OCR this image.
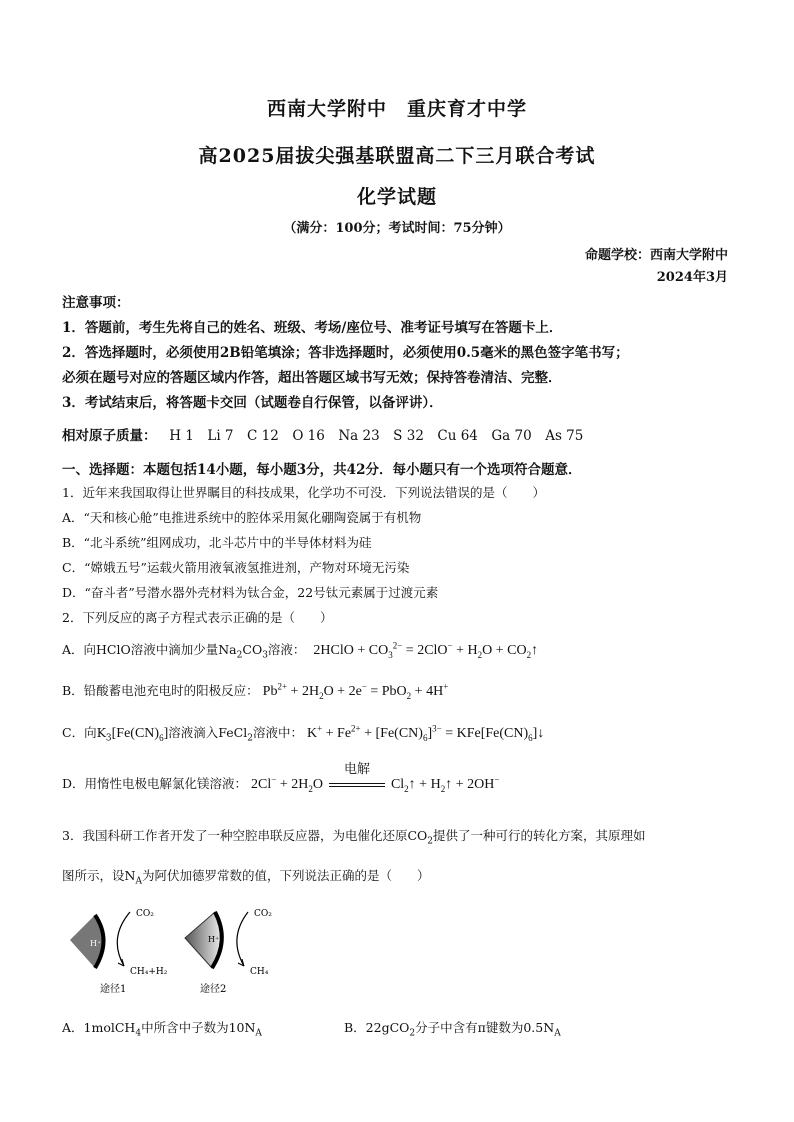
西南大学附中　重庆育才中学
高2025届拔尖强基联盟高二下三月联合考试
化学试题
（满分：100分；考试时间：75分钟）
命题学校：西南大学附中
2024年3月
注意事项：
1．答题前，考生先将自己的姓名、班级、考场/座位号、准考证号填写在答题卡上．
2．答选择题时，必须使用2B铅笔填涂；答非选择题时，必须使用0.5毫米的黑色签字笔书写；
必须在题号对应的答题区域内作答，超出答题区域书写无效；保持答卷清洁、完整．
3．考试结束后，将答题卡交回（试题卷自行保管，以备评讲）．
相对原子质量： H 1　Li 7　C 12　O 16　Na 23　S 32　Cu 64　Ga 70　As 75
一、选择题：本题包括14小题，每小题3分，共42分．每小题只有一个选项符合题意．
1．近年来我国取得让世界瞩目的科技成果，化学功不可没．下列说法错误的是（　　）
A．“天和核心舱”电推进系统中的腔体采用氮化硼陶瓷属于有机物
B．“北斗系统”组网成功，北斗芯片中的半导体材料为硅
C．“嫦娥五号”运载火箭用液氧液氢推进剂，产物对环境无污染
D．“奋斗者”号潜水器外壳材料为钛合金，22号钛元素属于过渡元素
2．下列反应的离子方程式表示正确的是（　　）
A．向HClO溶液中滴加少量$Na_2CO_3$溶液： 2HClO + $CO_3^{2-} = 2ClO^- + H_2O$ + $CO_2↑$
B．铅酸蓄电池充电时的阳极反应： $Pb^{2+} + 2H_2O + 2e^- = PbO_2 + 4H^+$
C．向$K_3[Fe(CN)_6]$溶液滴入FeCl$_2$溶液中： $K^+ + Fe^{2+} + [Fe(CN)_6]^{3-}$ = $KFe[Fe(CN)_6]↓$
D．用惰性电极电解氯化镁溶液： $2Cl^- + 2H_2O$
电解
$Cl_2↑$ + $H_2↑ + 2OH^-$
3．我国科研工作者开发了一种空腔串联反应器，为电催化还原$CO_2$提供了一种可行的转化方案，其原理如
图所示，设$N_A$为阿伏加德罗常数的值，下列说法正确的是（　　）
H⁺
CO₂
CH₄+H₂
途径1
H⁺
CO₂
CH₄
途径2
A．1molCH$_4$中所含中子数为$10N_A$	B．22gCO$_2$分子中含有π键数为$0.5N_A$
